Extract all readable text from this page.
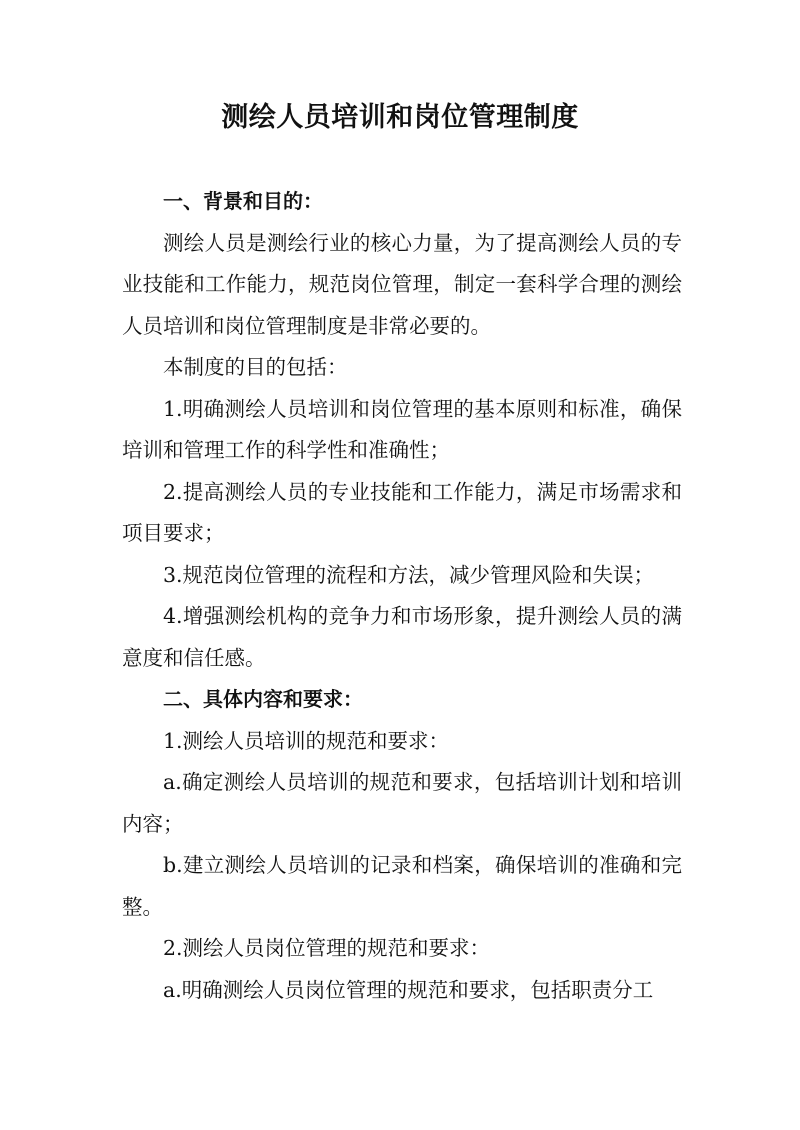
测绘人员培训和岗位管理制度

一、背景和目的：

测绘人员是测绘行业的核心力量，为了提高测绘人员的专业技能和工作能力，规范岗位管理，制定一套科学合理的测绘人员培训和岗位管理制度是非常必要的。

本制度的目的包括：

1.明确测绘人员培训和岗位管理的基本原则和标准，确保培训和管理工作的科学性和准确性；

2.提高测绘人员的专业技能和工作能力，满足市场需求和项目要求；

3.规范岗位管理的流程和方法，减少管理风险和失误；

4.增强测绘机构的竞争力和市场形象，提升测绘人员的满意度和信任感。

二、具体内容和要求：

1.测绘人员培训的规范和要求：

a.确定测绘人员培训的规范和要求，包括培训计划和培训内容；

b.建立测绘人员培训的记录和档案，确保培训的准确和完整。

2.测绘人员岗位管理的规范和要求：

a.明确测绘人员岗位管理的规范和要求，包括职责分工
